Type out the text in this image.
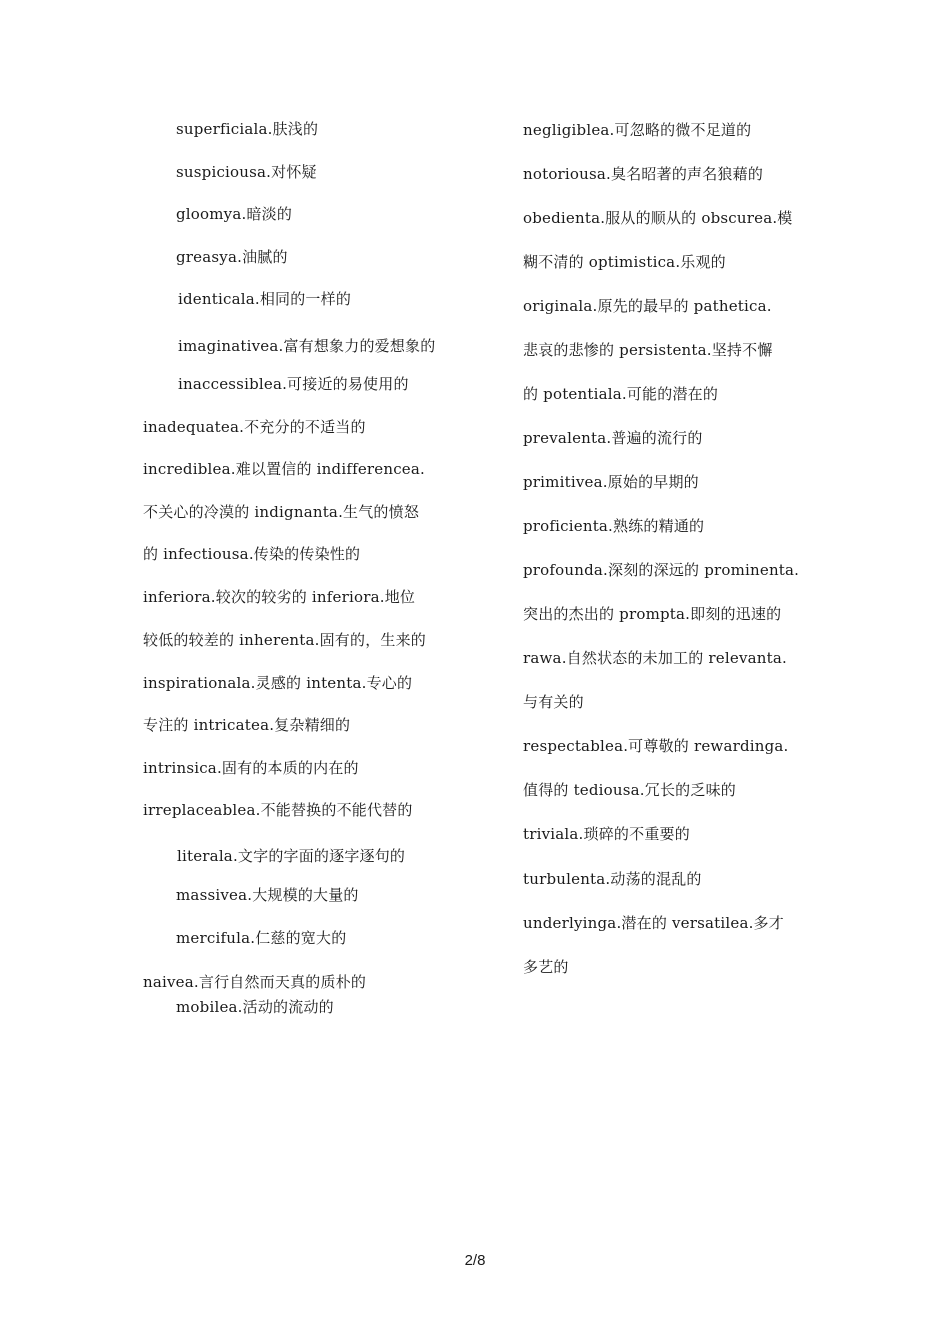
superficiala.肤浅的
suspiciousa.对怀疑
gloomya.暗淡的
greasya.油腻的
identicala.相同的一样的
imaginativea.富有想象力的爱想象的
inaccessiblea.可接近的易使用的
inadequatea.不充分的不适当的
incrediblea.难以置信的 indifferencea.
不关心的冷漠的 indignanta.生气的愤怒
的 infectiousa.传染的传染性的
inferiora.较次的较劣的 inferiora.地位
较低的较差的 inherenta.固有的，生来的
inspirationala.灵感的 intenta.专心的
专注的 intricatea.复杂精细的
intrinsica.固有的本质的内在的
irreplaceablea.不能替换的不能代替的
literala.文字的字面的逐字逐句的
massivea.大规模的大量的
mercifula.仁慈的宽大的
naivea.言行自然而天真的质朴的
mobilea.活动的流动的
negligiblea.可忽略的微不足道的
notoriousa.臭名昭著的声名狼藉的
obedienta.服从的顺从的 obscurea.模
糊不清的 optimistica.乐观的
originala.原先的最早的 pathetica.
悲哀的悲惨的 persistenta.坚持不懈
的 potentiala.可能的潜在的
prevalenta.普遍的流行的
primitivea.原始的早期的
proficienta.熟练的精通的
profounda.深刻的深远的 prominenta.
突出的杰出的 prompta.即刻的迅速的
rawa.自然状态的未加工的 relevanta.
与有关的
respectablea.可尊敬的 rewardinga.
值得的 tediousa.冗长的乏味的
triviala.琐碎的不重要的
turbulenta.动荡的混乱的
underlyinga.潜在的 versatilea.多才
多艺的
2/8
